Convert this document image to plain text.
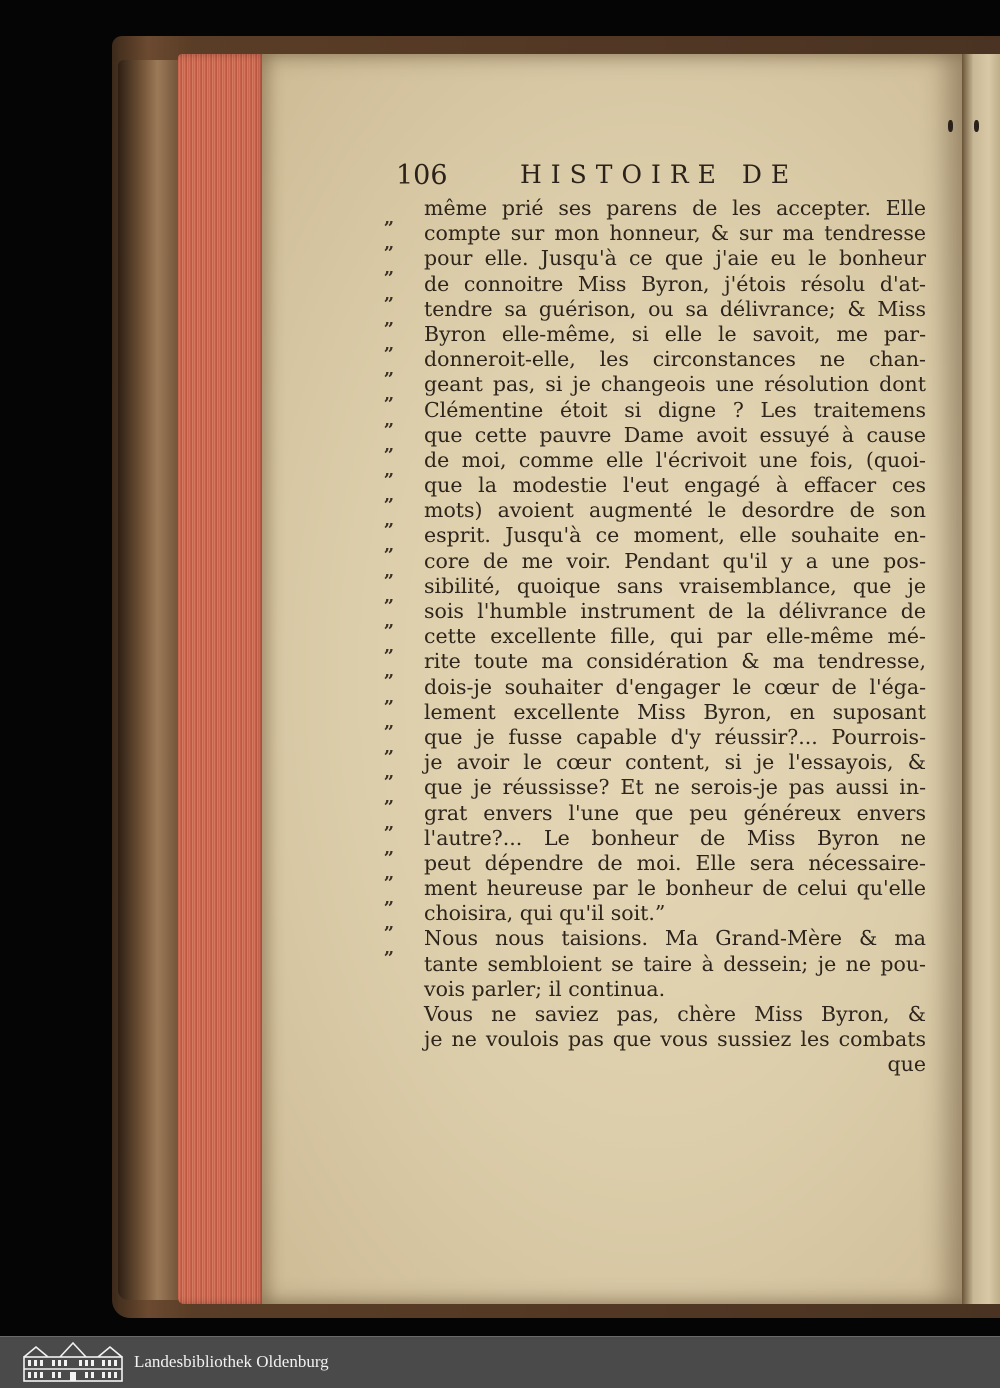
106	HISTOIRE DE
„
„
„
„
„
„
„
„
„
„
„
„
„
„
„
„
„
„
„
„
„
„
„
„
„
„
„
„
„
„
même prié ses parens de les accepter. Elle
compte sur mon honneur, & sur ma tendresse
pour elle. Jusqu'à ce que j'aie eu le bonheur
de connoitre Miss Byron, j'étois résolu d'at-
tendre sa guérison, ou sa délivrance; & Miss
Byron elle-même, si elle le savoit, me par-
donneroit-elle, les circonstances ne chan-
geant pas, si je changeois une résolution dont
Clémentine étoit si digne ? Les traitemens
que cette pauvre Dame avoit essuyé à cause
de moi, comme elle l'écrivoit une fois, (quoi-
que la modestie l'eut engagé à effacer ces
mots) avoient augmenté le desordre de son
esprit. Jusqu'à ce moment, elle souhaite en-
core de me voir. Pendant qu'il y a une pos-
sibilité, quoique sans vraisemblance, que je
sois l'humble instrument de la délivrance de
cette excellente fille, qui par elle-même mé-
rite toute ma considération & ma tendresse,
dois-je souhaiter d'engager le cœur de l'éga-
lement excellente Miss Byron, en suposant
que je fusse capable d'y réussir?... Pourrois-
je avoir le cœur content, si je l'essayois, &
que je réussisse? Et ne serois-je pas aussi in-
grat envers l'une que peu généreux envers
l'autre?... Le bonheur de Miss Byron ne
peut dépendre de moi. Elle sera nécessaire-
ment heureuse par le bonheur de celui qu'elle
choisira, qui qu'il soit.”
Nous nous taisions. Ma Grand-Mère & ma
tante sembloient se taire à dessein; je ne pou-
vois parler; il continua.
Vous ne saviez pas, chère Miss Byron, &
je ne voulois pas que vous sussiez les combats
que
Landesbibliothek Oldenburg
